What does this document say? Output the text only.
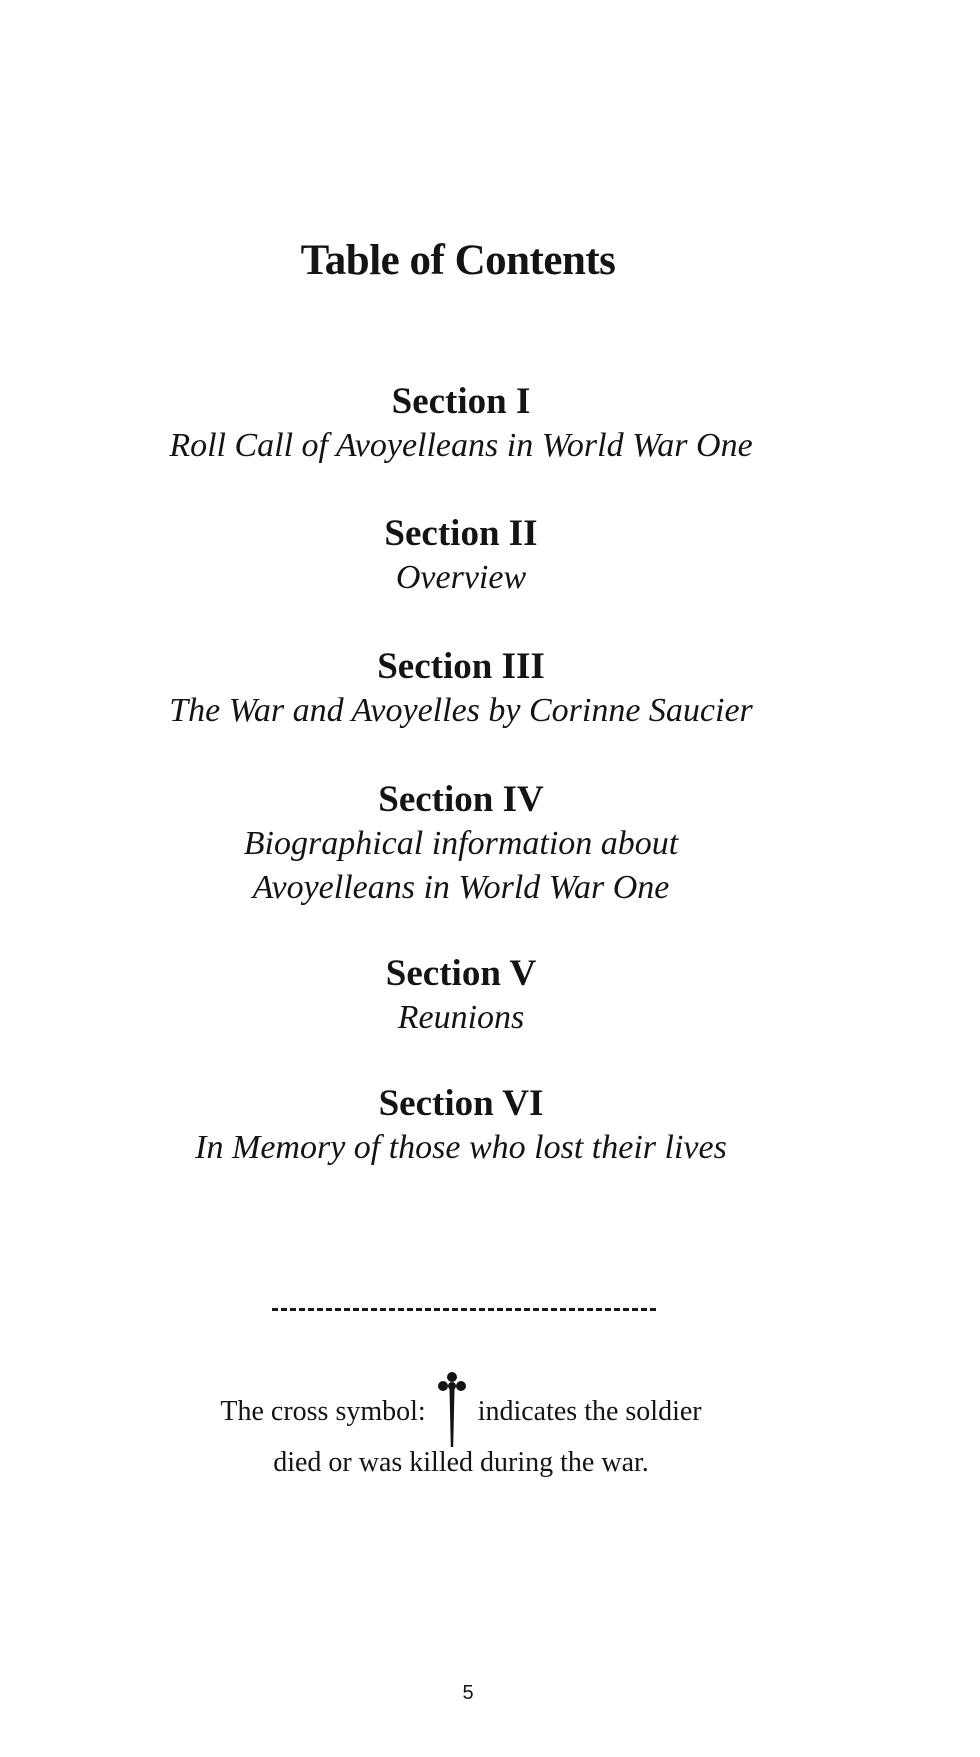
Table of Contents

Section I

Roll Call of Avoyelleans in World War One

Section II

Overview

Section III

The War and Avoyelles by Corinne Saucier

Section IV

Biographical information about

Avoyelleans in World War One

Section V

Reunions

Section VI

In Memory of those who lost their lives

The cross symbol: indicates the soldier

died or was killed during the war.

5
